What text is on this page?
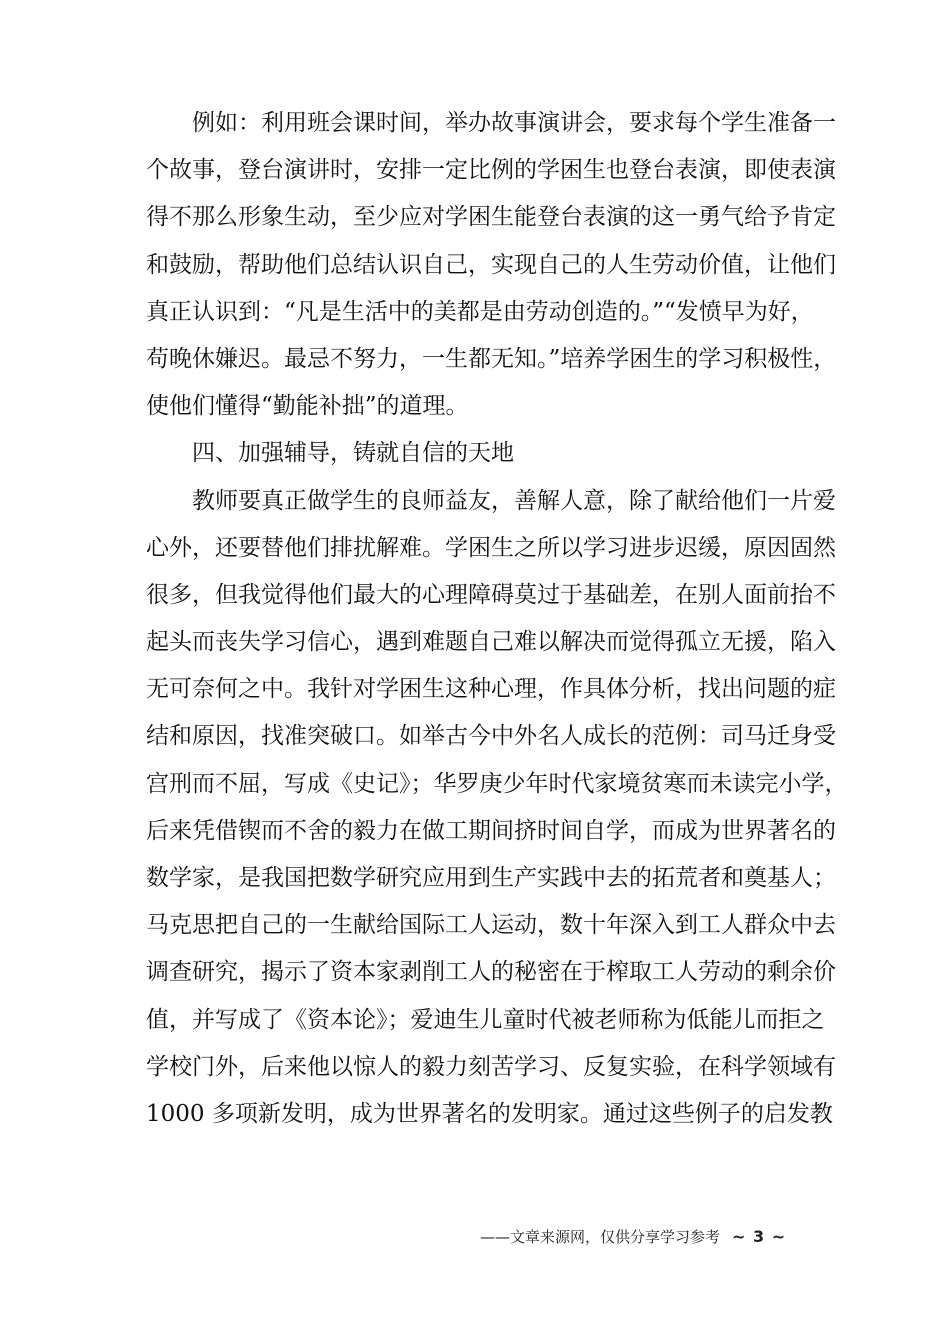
例如：利用班会课时间，举办故事演讲会，要求每个学生准备一
个故事，登台演讲时，安排一定比例的学困生也登台表演，即使表演
得不那么形象生动，至少应对学困生能登台表演的这一勇气给予肯定
和鼓励，帮助他们总结认识自己，实现自己的人生劳动价值，让他们
真正认识到：“凡是生活中的美都是由劳动创造的。”“发愤早为好，
苟晚休嫌迟。最忌不努力，一生都无知。”培养学困生的学习积极性，
使他们懂得“勤能补拙”的道理。
四、加强辅导，铸就自信的天地
教师要真正做学生的良师益友，善解人意，除了献给他们一片爱
心外，还要替他们排扰解难。学困生之所以学习进步迟缓，原因固然
很多，但我觉得他们最大的心理障碍莫过于基础差，在别人面前抬不
起头而丧失学习信心，遇到难题自己难以解决而觉得孤立无援，陷入
无可奈何之中。我针对学困生这种心理，作具体分析，找出问题的症
结和原因，找准突破口。如举古今中外名人成长的范例：司马迁身受
宫刑而不屈，写成《史记》；华罗庚少年时代家境贫寒而未读完小学，
后来凭借锲而不舍的毅力在做工期间挤时间自学，而成为世界著名的
数学家，是我国把数学研究应用到生产实践中去的拓荒者和奠基人；
马克思把自己的一生献给国际工人运动，数十年深入到工人群众中去
调查研究，揭示了资本家剥削工人的秘密在于榨取工人劳动的剩余价
值，并写成了《资本论》；爱迪生儿童时代被老师称为低能儿而拒之
学校门外，后来他以惊人的毅力刻苦学习、反复实验，在科学领域有
1000 多项新发明，成为世界著名的发明家。通过这些例子的启发教
——文章来源网，仅供分享学习参考 ~ 3 ~
